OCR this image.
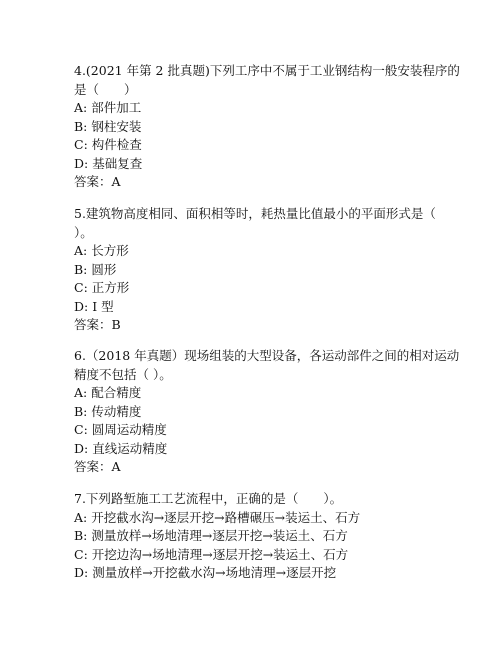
4.(2021 年第 2 批真题)下列工序中不属于工业钢结构一般安装程序的
是（　　）
A: 部件加工
B: 钢柱安装
C: 构件检查
D: 基础复查
答案：A
5.建筑物高度相同、面积相等时，耗热量比值最小的平面形式是（
）。
A: 长方形
B: 圆形
C: 正方形
D: I 型
答案：B
6.（2018 年真题）现场组装的大型设备，各运动部件之间的相对运动
精度不包括（ ）。
A: 配合精度
B: 传动精度
C: 圆周运动精度
D: 直线运动精度
答案：A
7.下列路堑施工工艺流程中，正确的是（　　）。
A: 开挖截水沟→逐层开挖→路槽碾压→装运土、石方
B: 测量放样→场地清理→逐层开挖→装运土、石方
C: 开挖边沟→场地清理→逐层开挖→装运土、石方
D: 测量放样→开挖截水沟→场地清理→逐层开挖
